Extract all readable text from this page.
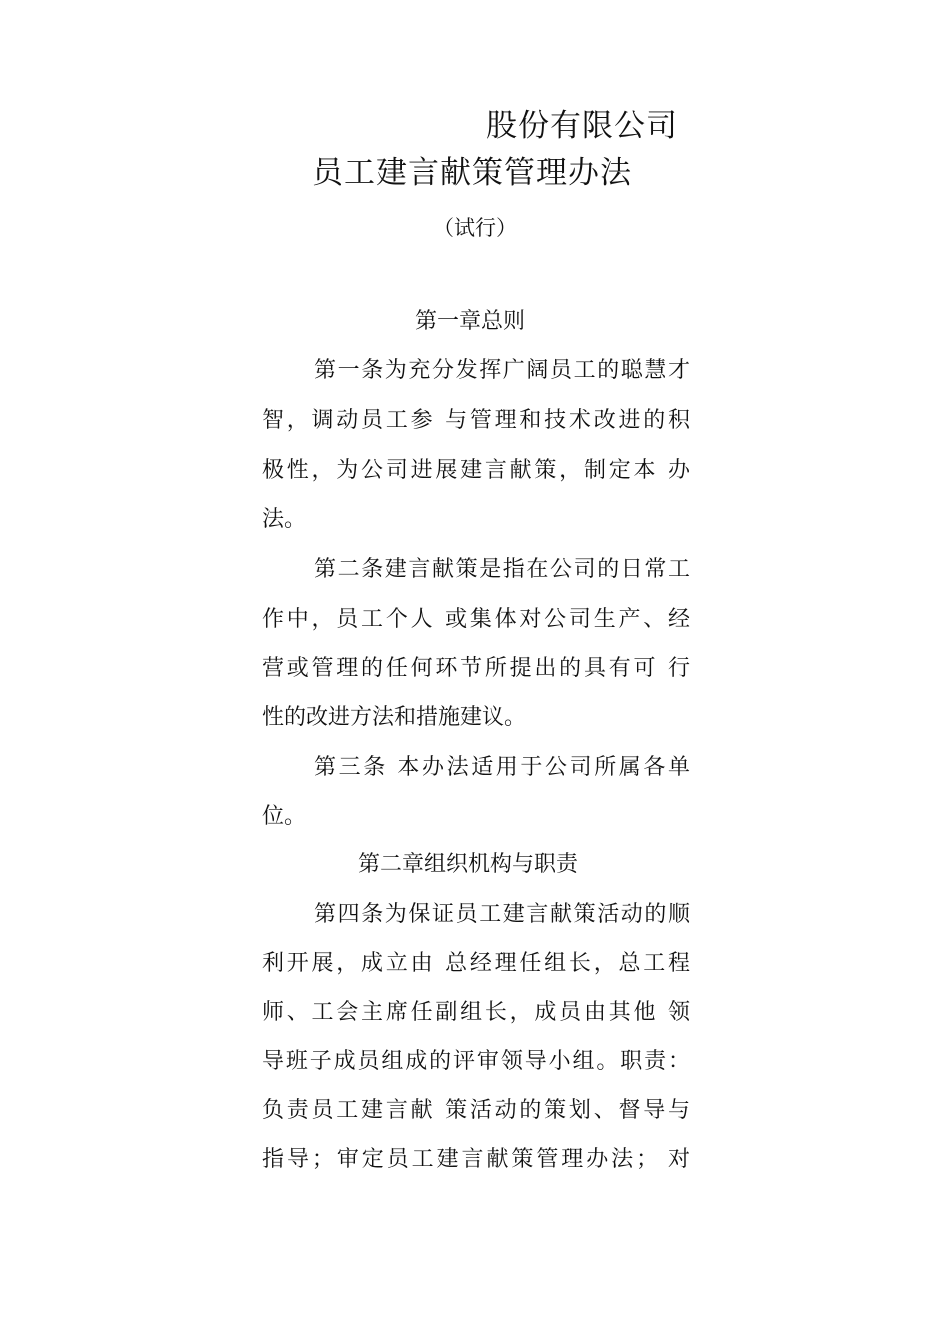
股份有限公司
员工建言献策管理办法
（试行）
第一章总则
第一条为充分发挥广阔员工的聪慧才
智，调动员工参 与管理和技术改进的积
极性，为公司进展建言献策，制定本 办
法。
第二条建言献策是指在公司的日常工
作中，员工个人 或集体对公司生产、经
营或管理的任何环节所提出的具有可 行
性的改进方法和措施建议。
第三条 本办法适用于公司所属各单
位。
第二章组织机构与职责
第四条为保证员工建言献策活动的顺
利开展，成立由 总经理任组长，总工程
师、工会主席任副组长，成员由其他 领
导班子成员组成的评审领导小组。职责：
负责员工建言献 策活动的策划、督导与
指导；审定员工建言献策管理办法； 对
